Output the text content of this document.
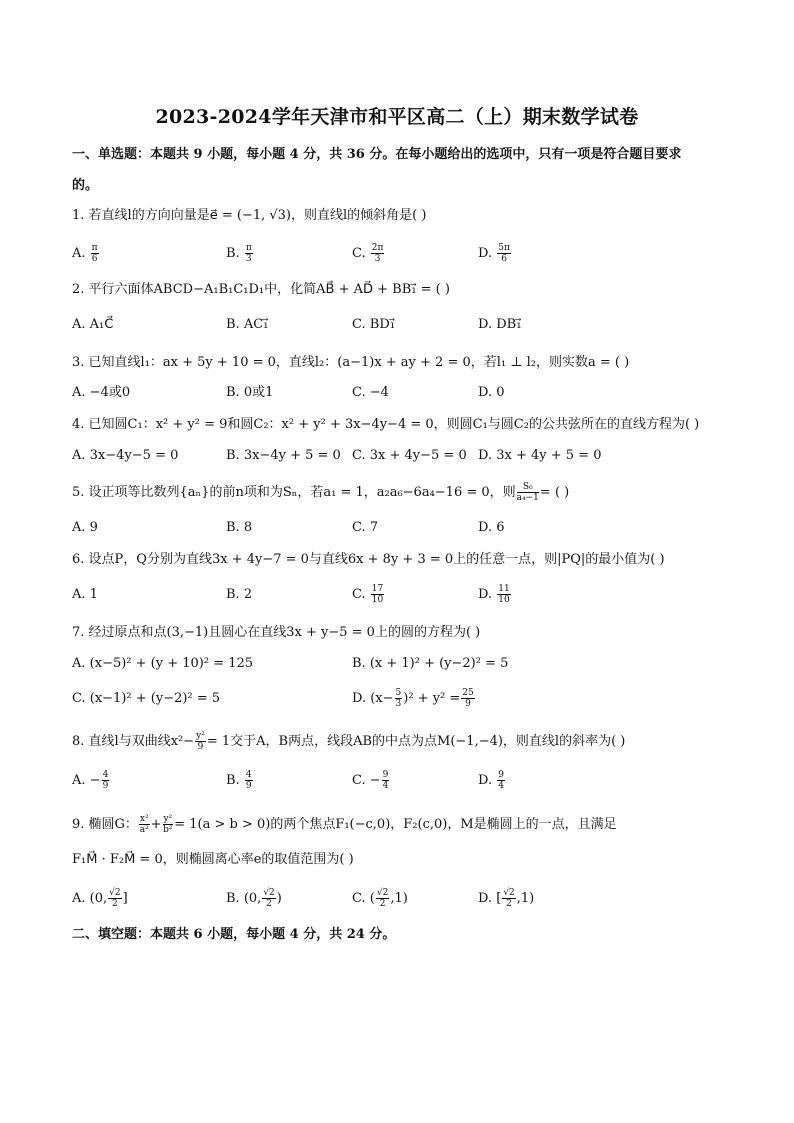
2023-2024学年天津市和平区高二（上）期末数学试卷
一、单选题：本题共 9 小题，每小题 4 分，共 36 分。在每小题给出的选项中，只有一项是符合题目要求
的。
1. 若直线l的方向向量是e⃗ = (−1, √3)，则直线l的倾斜角是( )
A. $\frac{\pi}{6}$	B. $\frac{\pi}{3}$	C. $\frac{2\pi}{3}$	D. $\frac{5\pi}{6}$
2. 平行六面体ABCD−A₁B₁C₁D₁中，化简AB⃗ + AD⃗ + BB₁⃗ = ( )
A. A₁C⃗	B. AC₁⃗	C. BD₁⃗	D. DB₁⃗
3. 已知直线l₁：ax + 5y + 10 = 0，直线l₂：(a−1)x + ay + 2 = 0，若l₁ ⊥ l₂，则实数a = ( )
A. −4或0	B. 0或1	C. −4	D. 0
4. 已知圆C₁：x² + y² = 9和圆C₂：x² + y² + 3x−4y−4 = 0，则圆C₁与圆C₂的公共弦所在的直线方程为( )
A. 3x−4y−5 = 0	B. 3x−4y + 5 = 0 C. 3x + 4y−5 = 0 D. 3x + 4y + 5 = 0
5. 设正项等比数列{aₙ}的前n项和为Sₙ，若a₁ = 1，a₂a₆−6a₄−16 = 0，则 $\frac{\text{S₆}}{\text{a₄−1}}$ = ( )
A. 9	B. 8	C. 7	D. 6
6. 设点P，Q分别为直线3x + 4y−7 = 0与直线6x + 8y + 3 = 0上的任意一点，则|PQ|的最小值为( )
A. 1	B. 2	C. $\frac{17}{10}$	D. $\frac{11}{10}$
7. 经过原点和点(3,−1)且圆心在直线3x + y−5 = 0上的圆的方程为( )
A. (x−5)² + (y + 10)² = 125	B. (x + 1)² + (y−2)² = 5
C. (x−1)² + (y−2)² = 5	D. $(x- \frac{5}{3} )^2 + y^2 = \frac{25}{9}$
8. 直线l与双曲线$x^2- \frac{\text{y²}}{9} = 1$交于A，B两点，线段AB的中点为点M(−1,−4)，则直线l的斜率为( )
A. − $\frac{4}{9}$	B. $\frac{4}{9}$	C. − $\frac{9}{4}$	D. $\frac{9}{4}$
9. 椭圆G： $\frac{\text{x²}}{\text{a²}} + \frac{\text{y²}}{\text{b²}} = 1(a > b > 0)$的两个焦点F₁(−c,0)，F₂(c,0)，M是椭圆上的一点，且满足
F₁M⃗ · F₂M⃗ = 0，则椭圆离心率e的取值范围为( )
A. (0, $\frac{√2}{2}$ ]	B. (0, $\frac{√2}{2}$ )	C. ( $\frac{√2}{2} ,1$)	D. [ $\frac{√2}{2} ,1$)
二、填空题：本题共 6 小题，每小题 4 分，共 24 分。
